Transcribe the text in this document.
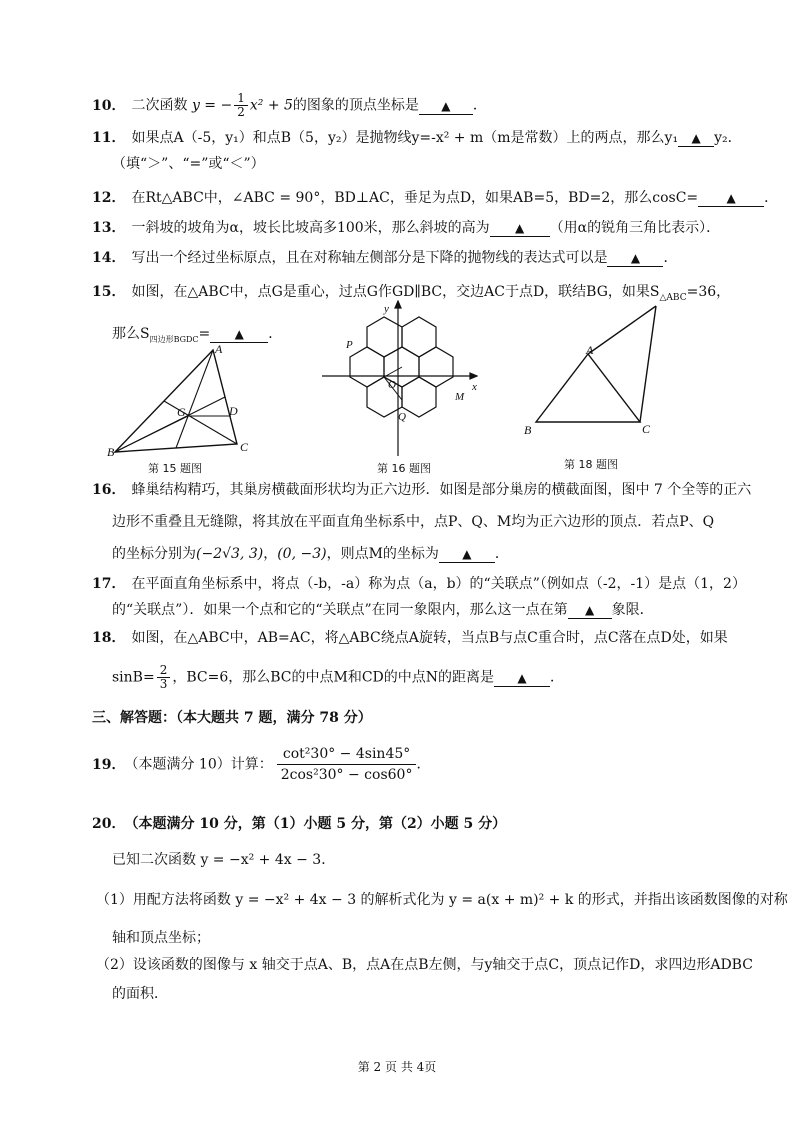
10． 二次函数 y = − $\frac{1}{2} x^2 + 5$的图象的顶点坐标是 ▲ ．
11． 如果点A（-5，y₁）和点B（5，y₂）是抛物线y=-x² + m（m是常数）上的两点，那么y₁ ▲ y₂．
（填“＞”、“=”或“＜”）
12． 在Rt△ABC中，∠ABC = 90°，BD⊥AC，垂足为点D，如果AB=5，BD=2，那么cosC= ▲ ．
13． 一斜坡的坡角为α，坡长比坡高多100米，那么斜坡的高为 ▲ （用α的锐角三角比表示）．
14． 写出一个经过坐标原点，且在对称轴左侧部分是下降的抛物线的表达式可以是 ▲ ．
15． 如图，在△ABC中，点G是重心，过点G作GD∥BC，交边AC于点D，联结BG，如果$S_{\triangle ABC}=36$，
那么$S_{四边形BGDC}=$ ▲ ．
A
B	C
G	D
第 15 题图
x
y
P
Q
M
O
第 16 题图
A
B	C
第 18 题图
16． 蜂巢结构精巧，其巢房横截面形状均为正六边形．如图是部分巢房的横截面图，图中 7 个全等的正六
边形不重叠且无缝隙，将其放在平面直角坐标系中，点P、Q、M均为正六边形的顶点．若点P、Q
的坐标分别为(−2√3, 3)，(0, −3)，则点M的坐标为 ▲ ．
17． 在平面直角坐标系中，将点（-b，-a）称为点（a，b）的“关联点”（例如点（-2，-1）是点（1，2）
的“关联点”）．如果一个点和它的“关联点”在同一象限内，那么这一点在第 ▲ 象限．
18． 如图，在△ABC中，AB=AC，将△ABC绕点A旋转，当点B与点C重合时，点C落在点D处，如果
$\sin B= \frac{2}{3}$ ，BC=6，那么BC的中点M和CD的中点N的距离是 ▲ ．
三、解答题：（本大题共 7 题，满分 78 分）
19． （本题满分 10）计算： $\frac{\text{cot²30° − 4sin45°}}{\text{2cos²30° − cos60°}}$ ．
20． （本题满分 10 分，第（1）小题 5 分，第（2）小题 5 分）
已知二次函数 y = −x² + 4x − 3．
（1）用配方法将函数 y = −x² + 4x − 3 的解析式化为 y = a(x + m)² + k 的形式，并指出该函数图像的对称
轴和顶点坐标；
（2）设该函数的图像与 x 轴交于点A、B，点A在点B左侧，与y轴交于点C，顶点记作D，求四边形ADBC
的面积．
第 2 页 共 4页
